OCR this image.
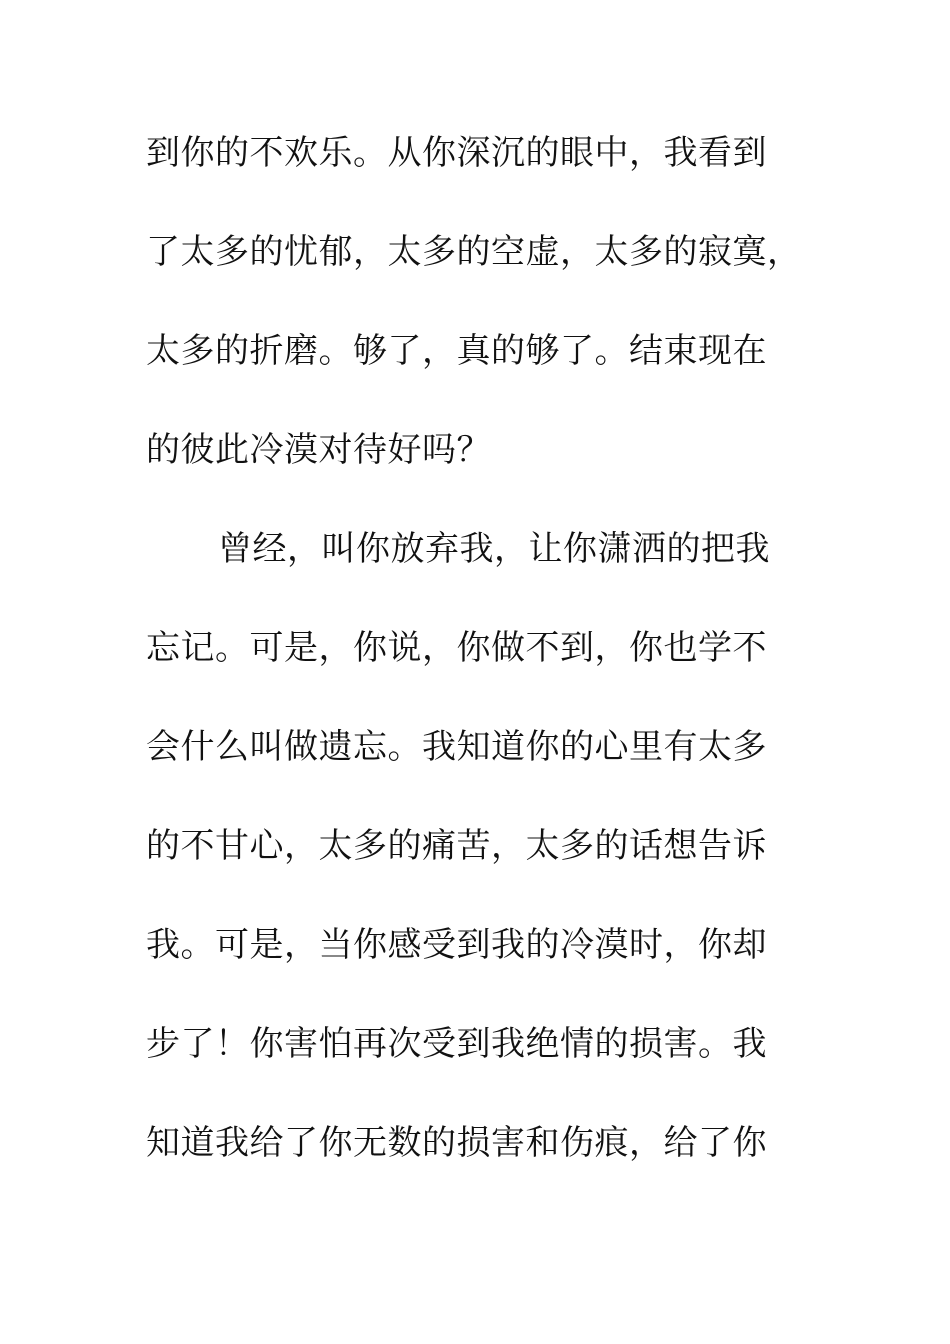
到你的不欢乐。从你深沉的眼中，我看到
了太多的忧郁，太多的空虚，太多的寂寞，
太多的折磨。够了，真的够了。结束现在
的彼此冷漠对待好吗？
曾经，叫你放弃我，让你潇洒的把我
忘记。可是，你说，你做不到，你也学不
会什么叫做遗忘。我知道你的心里有太多
的不甘心，太多的痛苦，太多的话想告诉
我。可是，当你感受到我的冷漠时，你却
步了！你害怕再次受到我绝情的损害。我
知道我给了你无数的损害和伤痕，给了你
